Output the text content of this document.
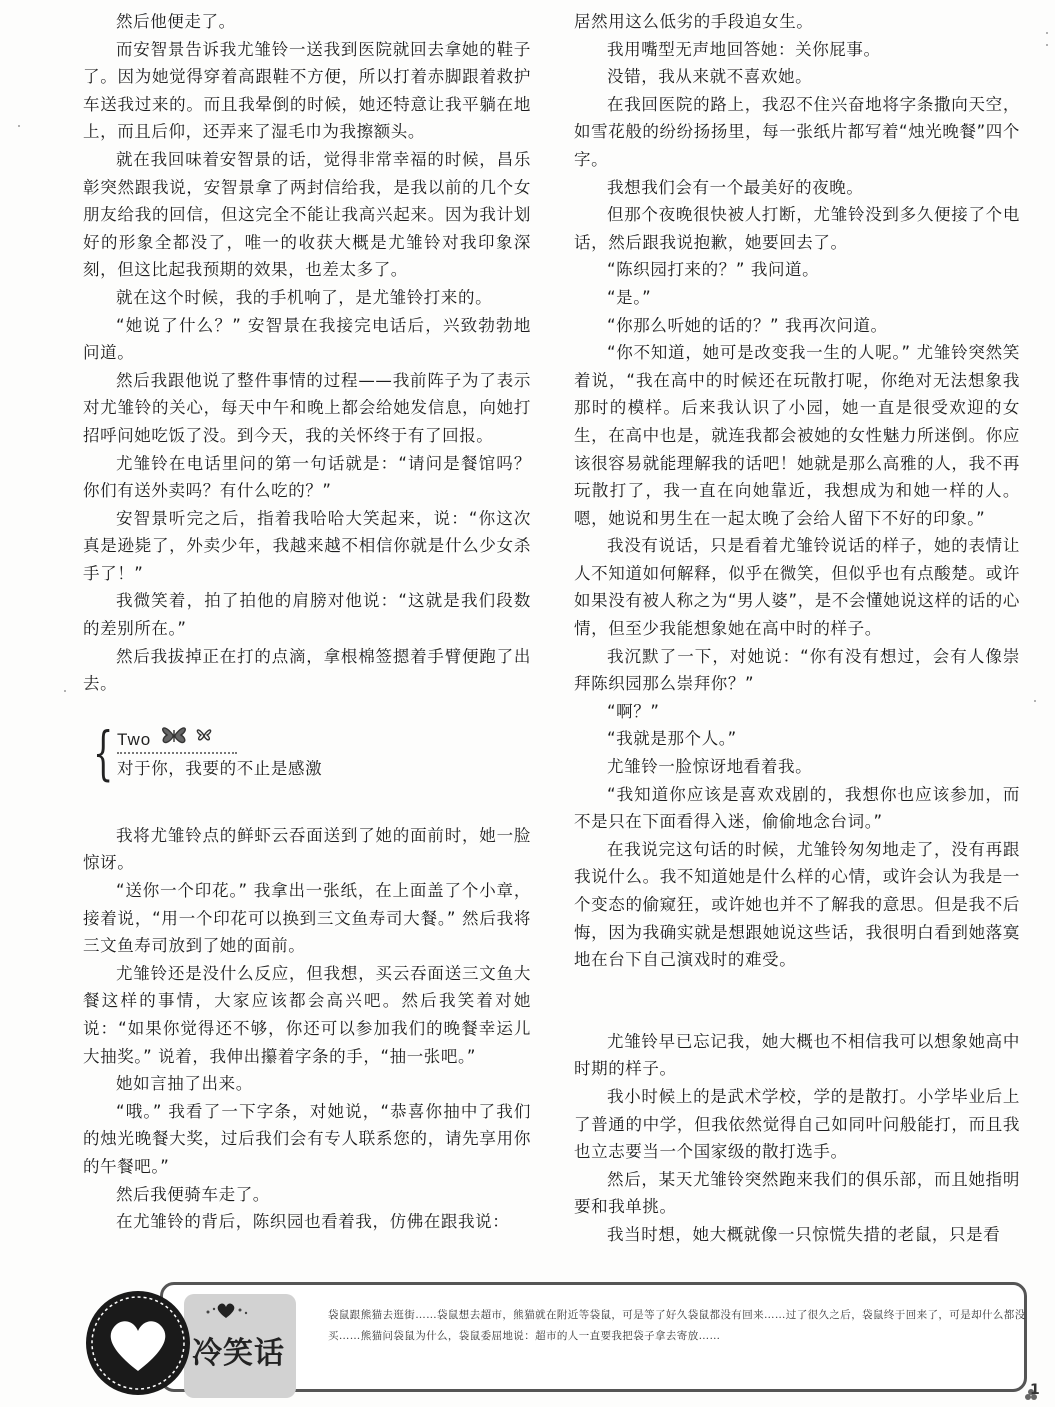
然后他便走了。

而安智景告诉我尤雏铃一送我到医院就回去拿她的鞋子了。因为她觉得穿着高跟鞋不方便，所以打着赤脚跟着救护车送我过来的。而且我晕倒的时候，她还特意让我平躺在地上，而且后仰，还弄来了湿毛巾为我擦额头。

就在我回味着安智景的话，觉得非常幸福的时候，昌乐彰突然跟我说，安智景拿了两封信给我，是我以前的几个女朋友给我的回信，但这完全不能让我高兴起来。因为我计划好的形象全都没了，唯一的收获大概是尤雏铃对我印象深刻，但这比起我预期的效果，也差太多了。

就在这个时候，我的手机响了，是尤雏铃打来的。

“她说了什么？” 安智景在我接完电话后，兴致勃勃地问道。

然后我跟他说了整件事情的过程——我前阵子为了表示对尤雏铃的关心，每天中午和晚上都会给她发信息，向她打招呼问她吃饭了没。到今天，我的关怀终于有了回报。

尤雏铃在电话里问的第一句话就是：“请问是餐馆吗？你们有送外卖吗？有什么吃的？”

安智景听完之后，指着我哈哈大笑起来，说：“你这次真是逊毙了，外卖少年，我越来越不相信你就是什么少女杀手了！”

我微笑着，拍了拍他的肩膀对他说：“这就是我们段数的差别所在。”

然后我拔掉正在打的点滴，拿根棉签摁着手臂便跑了出去。

{ Two
对于你，我要的不止是感激

我将尤雏铃点的鲜虾云吞面送到了她的面前时，她一脸惊讶。

“送你一个印花。” 我拿出一张纸，在上面盖了个小章，接着说，“用一个印花可以换到三文鱼寿司大餐。” 然后我将三文鱼寿司放到了她的面前。

尤雏铃还是没什么反应，但我想，买云吞面送三文鱼大餐这样的事情，大家应该都会高兴吧。然后我笑着对她说：“如果你觉得还不够，你还可以参加我们的晚餐幸运儿大抽奖。” 说着，我伸出攥着字条的手，“抽一张吧。”

她如言抽了出来。

“哦。” 我看了一下字条，对她说，“恭喜你抽中了我们的烛光晚餐大奖，过后我们会有专人联系您的，请先享用你的午餐吧。”

然后我便骑车走了。

在尤雏铃的背后，陈织园也看着我，仿佛在跟我说：

居然用这么低劣的手段追女生。

我用嘴型无声地回答她：关你屁事。

没错，我从来就不喜欢她。

在我回医院的路上，我忍不住兴奋地将字条撒向天空，如雪花般的纷纷扬扬里，每一张纸片都写着“烛光晚餐”四个字。

我想我们会有一个最美好的夜晚。

但那个夜晚很快被人打断，尤雏铃没到多久便接了个电话，然后跟我说抱歉，她要回去了。

“陈织园打来的？” 我问道。

“是。”

“你那么听她的话的？” 我再次问道。

“你不知道，她可是改变我一生的人呢。” 尤雏铃突然笑着说，“我在高中的时候还在玩散打呢，你绝对无法想象我那时的模样。后来我认识了小园，她一直是很受欢迎的女生，在高中也是，就连我都会被她的女性魅力所迷倒。你应该很容易就能理解我的话吧！她就是那么高雅的人，我不再玩散打了，我一直在向她靠近，我想成为和她一样的人。嗯，她说和男生在一起太晚了会给人留下不好的印象。”

我没有说话，只是看着尤雏铃说话的样子，她的表情让人不知道如何解释，似乎在微笑，但似乎也有点酸楚。或许如果没有被人称之为“男人婆”，是不会懂她说这样的话的心情，但至少我能想象她在高中时的样子。

我沉默了一下，对她说：“你有没有想过，会有人像崇拜陈织园那么崇拜你？”

“啊？”

“我就是那个人。”

尤雏铃一脸惊讶地看着我。

“我知道你应该是喜欢戏剧的，我想你也应该参加，而不是只在下面看得入迷，偷偷地念台词。”

在我说完这句话的时候，尤雏铃匆匆地走了，没有再跟我说什么。我不知道她是什么样的心情，或许会认为我是一个变态的偷窥狂，或许她也并不了解我的意思。但是我不后悔，因为我确实就是想跟她说这些话，我很明白看到她落寞地在台下自己演戏时的难受。

尤雏铃早已忘记我，她大概也不相信我可以想象她高中时期的样子。

我小时候上的是武术学校，学的是散打。小学毕业后上了普通的中学，但我依然觉得自己如同叶问般能打，而且我也立志要当一个国家级的散打选手。

然后，某天尤雏铃突然跑来我们的俱乐部，而且她指明要和我单挑。

我当时想，她大概就像一只惊慌失措的老鼠，只是看

袋鼠跟熊猫去逛街……袋鼠想去超市，熊猫就在附近等袋鼠，可是等了好久袋鼠都没有回来……过了很久之后，袋鼠终于回来了，可是却什么都没买……熊猫问袋鼠为什么，袋鼠委屈地说：超市的人一直要我把袋子拿去寄放……
冷笑话
1
